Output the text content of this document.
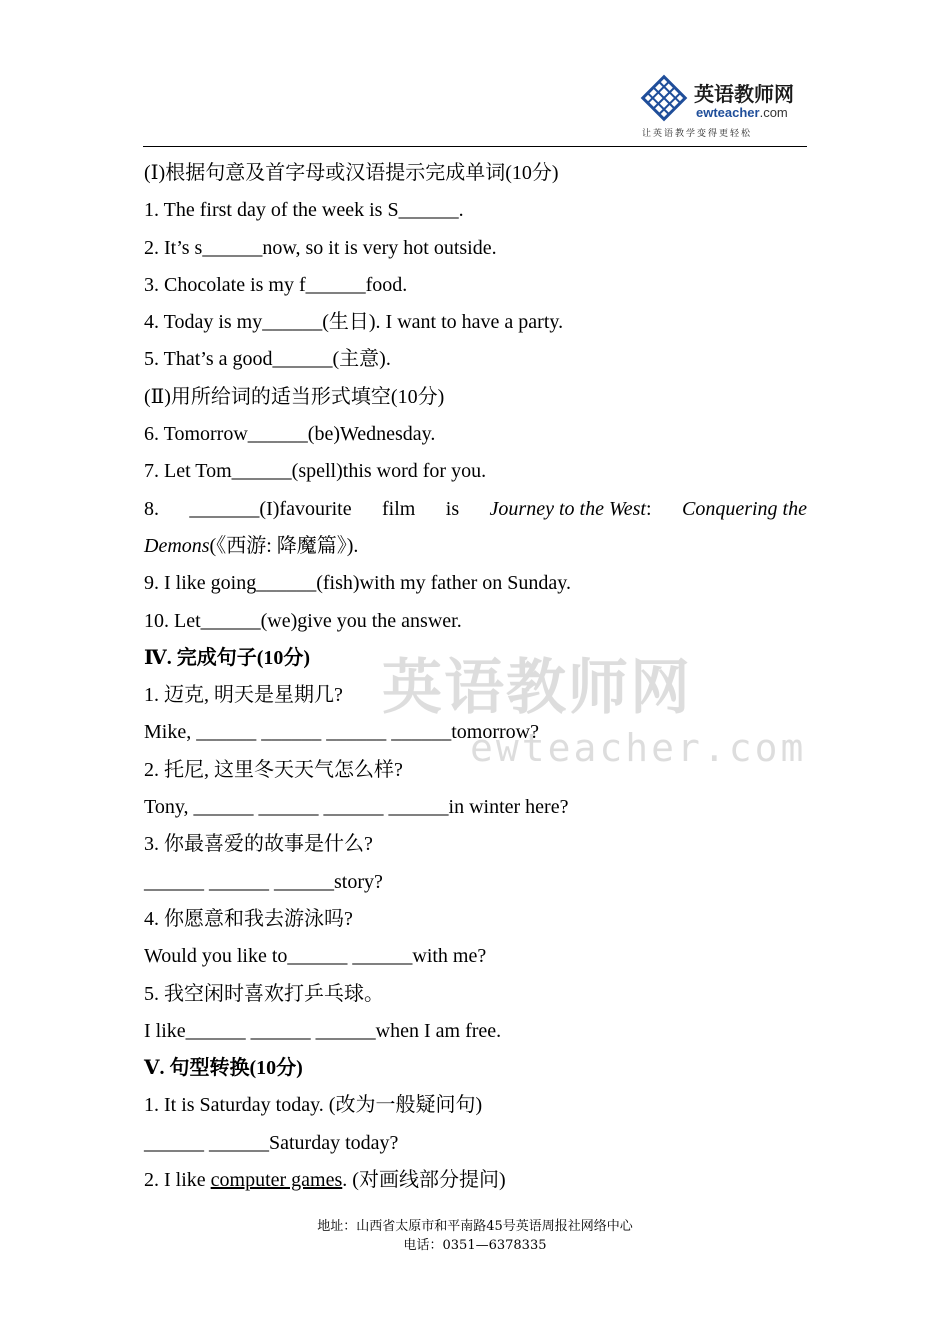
英语教师网
ewteacher.com
让英语教学变得更轻松
英语教师网
ewteacher.com
(Ⅰ)根据句意及首字母或汉语提示完成单词(10分)
1. The first day of the week is S______.
2. It’s s______now, so it is very hot outside.
3. Chocolate is my f______food.
4. Today is my______(生日). I want to have a party.
5. That’s a good______(主意).
(Ⅱ)用所给词的适当形式填空(10分)
6. Tomorrow______(be)Wednesday.
7. Let Tom______(spell)this word for you.
8. _______(I)favourite film is Journey to the West: Conquering the
Demons(《西游: 降魔篇》).
9. I like going______(fish)with my father on Sunday.
10. Let______(we)give you the answer.
Ⅳ. 完成句子(10分)
1. 迈克, 明天是星期几?
Mike, ______ ______ ______ ______tomorrow?
2. 托尼, 这里冬天天气怎么样?
Tony, ______ ______ ______ ______in winter here?
3. 你最喜爱的故事是什么?
______ ______ ______story?
4. 你愿意和我去游泳吗?
Would you like to______ ______with me?
5. 我空闲时喜欢打乒乓球。
I like______ ______ ______when I am free.
Ⅴ. 句型转换(10分)
1. It is Saturday today. (改为一般疑问句)
______ ______Saturday today?
2. I like computer games. (对画线部分提问)
地址：山西省太原市和平南路45号英语周报社网络中心
电话：0351—6378335
